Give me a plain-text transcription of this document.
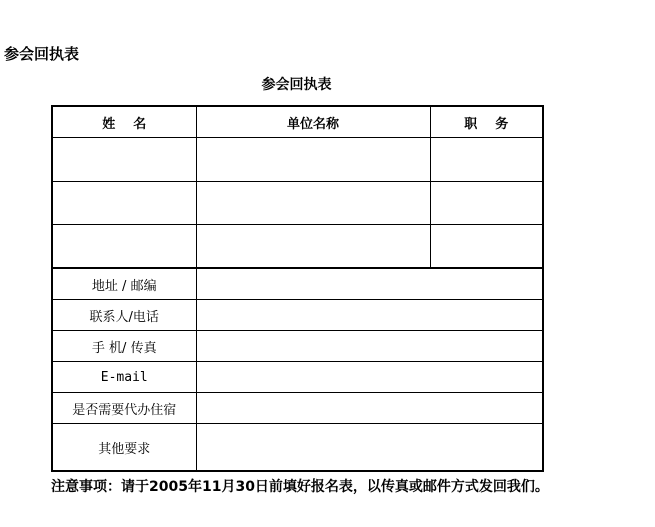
参会回执表
参会回执表
姓    名	单位名称	职    务

地址 / 邮编		
联系人/电话		
手 机/ 传真		
E-mail		
是否需要代办住宿		
其他要求		
注意事项：请于2005年11月30日前填好报名表，以传真或邮件方式发回我们。
